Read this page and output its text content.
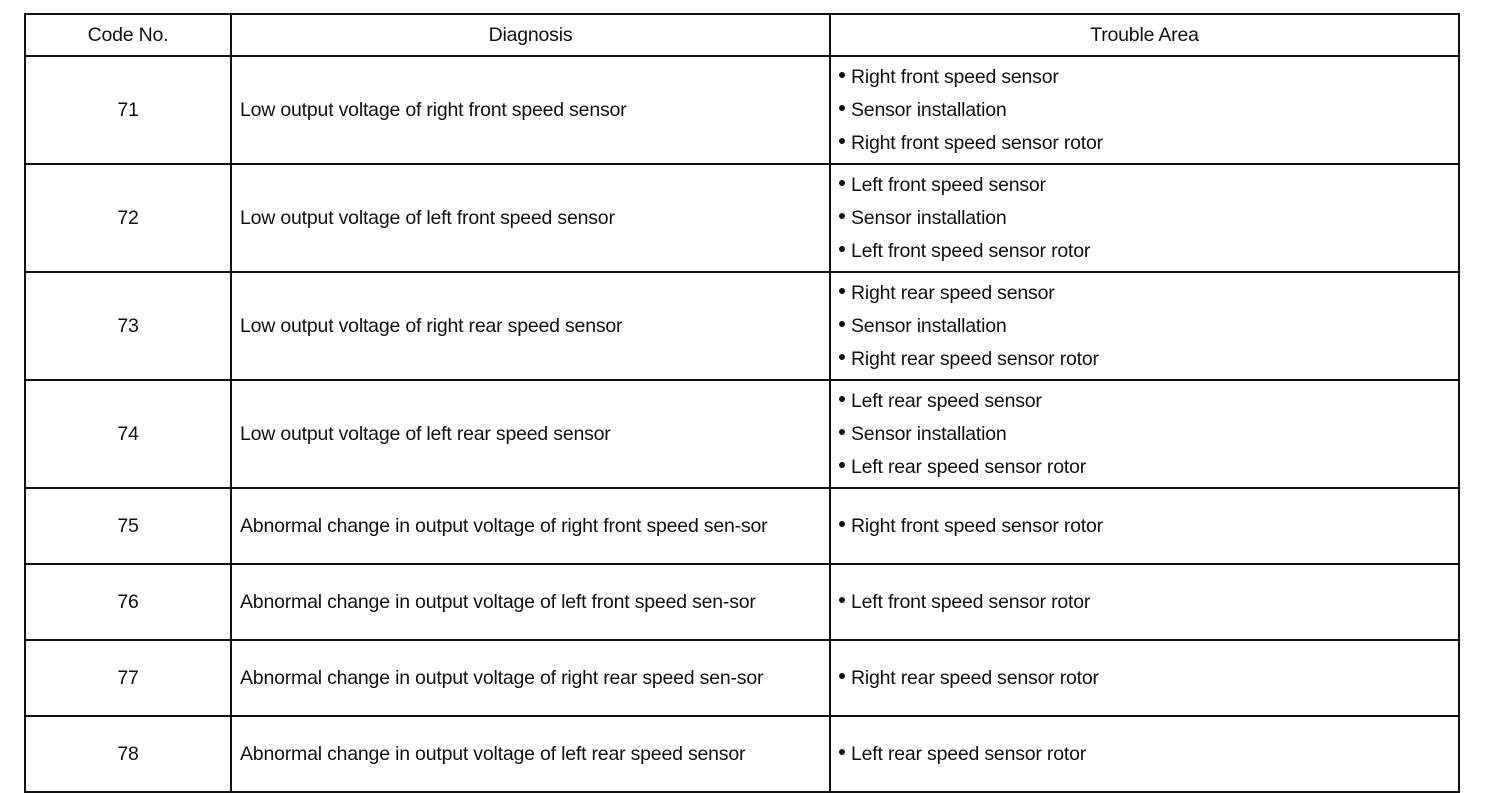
Code No.	Diagnosis	Trouble Area
71	Low output voltage of right front speed sensor	Right front speed sensor
Sensor installation
Right front speed sensor rotor

72	Low output voltage of left front speed sensor	Left front speed sensor
Sensor installation
Left front speed sensor rotor

73	Low output voltage of right rear speed sensor	Right rear speed sensor
Sensor installation
Right rear speed sensor rotor

74	Low output voltage of left rear speed sensor	Left rear speed sensor
Sensor installation
Left rear speed sensor rotor

75	Abnormal change in output voltage of right front speed sen-sor	Right front speed sensor rotor

76	Abnormal change in output voltage of left front speed sen-sor	Left front speed sensor rotor

77	Abnormal change in output voltage of right rear speed sen-sor	Right rear speed sensor rotor

78	Abnormal change in output voltage of left rear speed sensor	Left rear speed sensor rotor
